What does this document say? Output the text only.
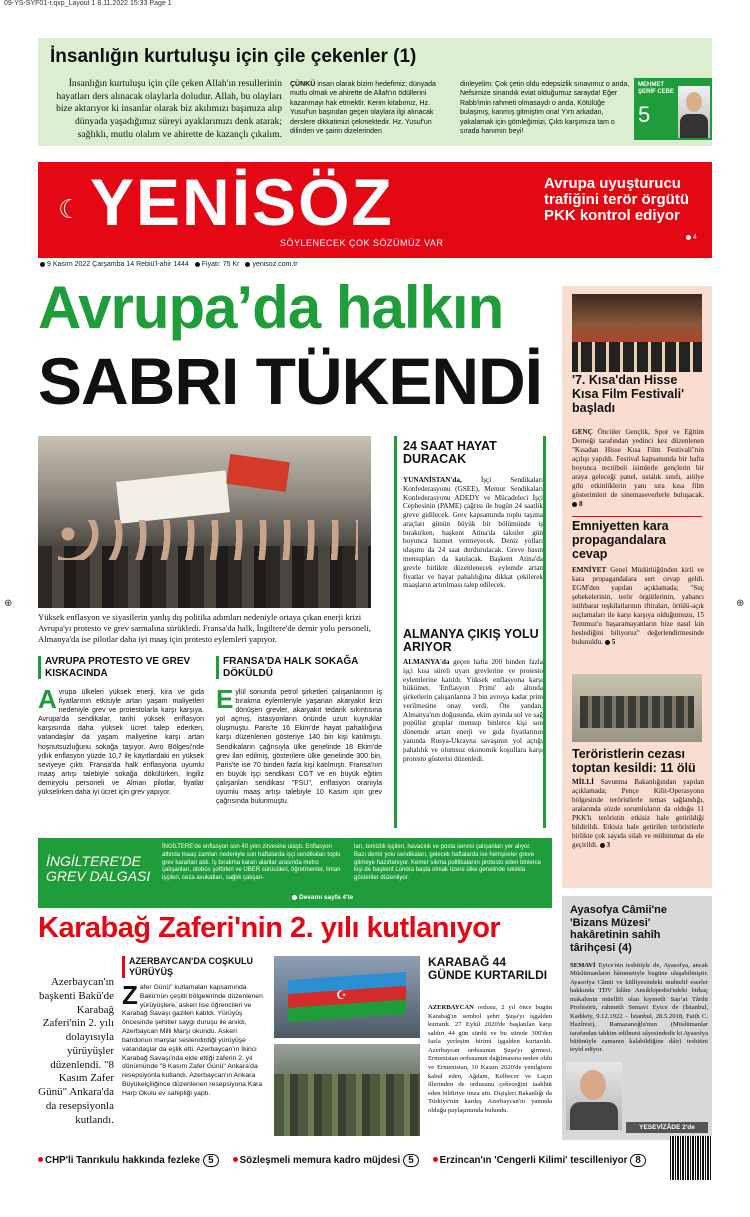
09-YS-SYF01-r.qxp_Layout 1 8.11.2022 15:33 Page 1
İnsanlığın kurtuluşu için çile çekenler (1)
İnsanlığın kurtuluşu için çile çeken Allah'ın resullerinin hayatları ders alınacak olaylarla doludur. Allah, bu olayları bize aktarıyor ki insanlar olarak biz akılımızı başımıza alıp dünyada yaşadığımız süreyi ayaklarımızı denk atarak; sağlıklı, mutlu olalım ve ahirette de kazançlı çıkalım.
ÇÜNKÜ insan olarak bizim hedefimiz; dünyada mutlu olmak ve ahirette de Allah'ın ödüllerini kazanmayı hak etmektir. Kerim kitabımız, Hz. Yusuf'un başından geçen olaylara ilgi alınacak derslere dikkatimizi çekmektedir. Hz. Yusuf'un dilinden ve şairin dizelerinden
dinleyelim: Çok çetin oldu edepsizlik sınavımız o anda, Nefsimize sinandık eviat olduğumuz saraydaǃ Eğer Rabb'imin rahmeti olmasaydı o anda, Kötülüğe bulaşmış, kanmış gitmiştim onaǃ Yırtı arkadan, yakalamak için gömleğimizi, Çıktı karşımıza tam o sırada hanımın beyiǃ
MEHMET ŞERİF CEBE
5
☾ YENİSÖZ
SÖYLENECEK ÇOK SÖZÜMÜZ VAR
Avrupa uyuşturucu trafiğini terör örgütü PKK kontrol ediyor
4
9 Kasım 2022 Çarşamba 14 Rebiü'l-ahir 1444 Fiyatı: 75 Kr yenisoz.com.tr
Avrupa’da halkın
SABRI TÜKENDİ
Yüksek enflasyon ve siyasilerin yanlış dış politika adımları nedeniyle ortaya çıkan enerji krizi Avrupa'yı protesto ve grev sarmalına sürükledi. Fransa'da halk, İngiltere'de demir yolu personeli, Almanya'da ise pilotlar daha iyi maaş için protesto eylemleri yapıyor.
24 SAAT HAYAT DURACAK
YUNANİSTAN'da,	İşçi Sendikaları Konfederasyonu (GSEE), Memur Sendikaları Konfederasyonu ADEDY ve Mücadeleci İşçi Cephesinin (PAME) çağrısı ile bugün 24 saatlik greve gidilecek. Grev kapsamında toplu taşıma araçları günün büyük bir bölümünde iş bırakırken, başkent Atina'da taksiler gün boyunca hizmet vermeyecek. Deniz yolları ulaşımı da 24 saat durdurulacak. Greve basın mensupları da katılacak. Başkent Atina'da grevle birlikte düzenlenecek eylemde artan fiyatlar ve hayat pahalılığına dikkat çekilerek maaşların artırılması talep edilecek.
ALMANYA ÇIKIŞ YOLU ARIYOR
ALMANYA'da geçen hafta 200 binden fazla işçi kısa süreli uyarı grevlerine ve protesto eylemlerine katıldı. Yüksek enflasyona karşı hükümet, 'Enflasyon Primi' adı altında şirketlerin çalışanlarına 3 bin avroya kadar prim verilmesine onay verdi. Öte yandan, Almanya'nın doğusunda, ekim ayında sol ve sağ popülist gruplar mensup binlerce kişi son dönemde artan enerji ve gıda fiyatlarının yanında Rusya-Ukrayna savaşının yol açtığı pahalılık ve olumsuz ekonomik koşullara karşı protesto gösterisi düzenledi.
AVRUPA PROTESTO VE GREV KISKACINDA
A vrupa ülkeleri yüksek enerji, kira ve gıda fiyatlarının etkisiyle artan yaşam maliyetleri nedeniyle grev ve protestolarla karşı karşıya. Avrupa'da sendikalar, tarihi yüksek enflasyon karşısında daha yüksek ücret talep ederken, vatandaşlar da yaşam maliyetine karşı artan hoşnutsuzluğunu sokağa taşıyor. Avro Bölgesi'nde yıllık enflasyon yüzde 10,7 ile kayıtlardaki en yüksek seviyeye çıktı. Fransa'da halk enflasyona uyumlu maaş artışı talebiyle sokağa dökülürken, İngiliz demiryolu personeli ve Alman pilotlar, fiyatlar yükselirken daha iyi ücret için grev yapıyor.
FRANSA'DA HALK SOKAĞA DÖKÜLDÜ
E ylül sonunda petrol şirketleri çalışanlarının iş bırakma eylemleriyle yaşanan akaryakıt krizi dönüşen grevler, akaryakıt tedarik sıkıntısına yol açmış, istasyonların önünde uzun kuyruklar oluşmuştu. Paris'te 16 Ekim'de hayat pahalılığına karşı düzenlenen gösteriye 140 bin kişi katılmıştı. Sendikaların çağrısıyla ülke genelinde 18 Ekim'de grev ilan edilmiş, gösterilere ülke genelinde 300 bin, Paris'te ise 70 binden fazla kişi katılmıştı. Fransa'nın en büyük işçi sendikası CGT ve en büyük eğitim çalışanları sendikası "FSU", enflasyon oranıyla uyumlu maaş artışı talebiyle 10 Kasım için grev çağrısında bulunmuştu.
İNGİLTERE'DE GREV DALGASI
İNGİLTERE'de enflasyon son 40 yılın zirvesine ulaştı. Enflasyon altında maaş zamları nedeniyle son haftalarda işçi sendikaları toplu grev kararları aldı. İş bırakma kararı alanlar arasında metro çalışanları, otobüs şoförleri ve UBER sürücüleri, öğretmenler, liman işçileri, ceza avukatları, sağlık çalışan-
ları, temizlik işçileri, havacılık ve posta servisi çalışanları yer alıyor. Bazı demir yolu sendikaları, gelecek haftalarda ise hemşireler greve gitmeye hazırlanıyor. Kemer sıkma politikalarını protesto eden binlerce kişi de başkent Londra başta olmak üzere ülke genelinde sıklıkla gösteriler düzenliyor.
Devamı sayfa 4'te
Karabağ Zaferi'nin 2. yılı kutlanıyor
Azerbaycan'ın başkenti Bakü'de Karabağ Zaferi'nin 2. yılı dolayısıyla yürüyüşler düzenlendi. "8 Kasım Zafer Günü" Ankara'da da resepsiyonla kutlandı.
AZERBAYCAN'DA COŞKULU YÜRÜYÜŞ
Z afer Günü" kutlamaları kapsamında Bakü'nün çeşitli bölgelerinde düzenlenen yürüyüşlere, askeri lise öğrencileri ve Karabağ Savaşı gazileri katıldı. Yürüyüş öncesinde şehitler saygı duruşu ile anıldı, Azerbaycan Milli Marşı okundu. Askeri bandonun marşlar seslendirdiği yürüyüşe vatandaşlar da eşlik etti. Azerbaycan'ın İkinci Karabağ Savaşı'nda elde ettiği zaferin 2. yıl dönümünde "8 Kasım Zafer Günü" Ankara'da resepsiyonla kutlandı. Azerbaycan'ın Ankara Büyükelçiliğince düzenlenen resepsiyona Kara Harp Okulu ev sahipliği yaptı.
☪
KARABAĞ 44 GÜNDE KURTARILDI
AZERBAYCAN ordusu, 2 yıl önce bugün Karabağ'ın sembol şehri Şuşa'yı işgalden kurtardı. 27 Eylül 2020'de başlatılan karşı saldırı 44 gün sürdü ve bu sürede 300'den fazla yerleşim birimi işgalden kurtarıldı. Azerbaycan ordusunun Şuşa'yı girmesi, Ermenistan ordusunun dağılmasına neden oldu ve Ermenistan, 10 Kasım 2020'de yenilgisini kabul eden, Ağdam, Kelbecer ve Laçın illerinden de ordusunu çekeceğini taahhüt eden bildiriye imza attı. Dışişleri Bakanlığı da Türkiye'nin kardeş Azerbaycan'ın yanında olduğu paylaşımında bulundu.
'7. Kısa'dan Hisse Kısa Film Festivali' başladı
GENÇ Öncüler Gençlik, Spor ve Eğitim Derneği tarafından yedinci kez düzenlenen "Kısadan Hisse Kısa Film Festivali"nin açılışı yapıldı. Festival kapsamında bir hafta boyunca tecrübeli isimlerle gençlerin bir araya geleceği panel, ustalık sınıfı, atölye gibi etkinliklerin yanı sıra kısa film gösterimleri de sinemaseverlerle buluşacak. 8
Emniyetten kara propagandalara cevap
EMNİYET Genel Müdürlüğünden kirli ve kara propagandalara sert cevap geldi. EGM'den yapılan açıklamada; "Suç şebekelerinin, terör örgütlerinin, yabancı istihbarat teşkilatlarının iftiraları, örtülü-açık suçlamaları ile karşı karşıya olduğumuzu, 15 Temmuz'u başaramayanların bize nasıl kin beslediğini biliyoruz" değerlendirmesinde bulunuldu. 5
Teröristlerin cezası toptan kesildi: 11 ölü
MİLLİ Savunma Bakanlığından yapılan açıklamada; Pençe Kilit-Operasyonu bölgesinde teröristlerle temas sağlandığı, aralarında sözde sorumluların da olduğu 11 PKK'lı teröristin etkisiz hale getirildiği bildirildi. Etkisiz hale getirilen teröristlerle birlikte çok sayıda silah ve mühimmat da ele geçirildi. 3
Ayasofya Câmii'ne 'Bizans Müzesi' hakâretinin sahîh târihçesi (4)
SEMAVİ Eyice'nin tesbitiyle de, Ayasofya, ancak Müslümanların hâmmetiyle bugüne ulaşabilmiştir. Ayasofya Câmii ve külliyesindeki muhtelif eserler hakkında TDV İslâm Ansiklopedisi'ndeki birkaç makalenin müellifi olan kıymetli Sanʼat Târihi Profesörü, rahmetli Semavi Eyice de (İstanbul, Kadıköy, 9.12.1922 – İstanbul, 28.5.2018, Fatih C. Hazîresi), Ramazanoğlu'nun (Müslümanlar tarafından tahkim edilmesi sâyesindedir ki Ayasofya bütünüyle zamanın kalabildiğine dâir) tesbitini teyid ediyor.
YESEVİZÂDE 2'de
CHP'li Tanrıkulu hakkında fezleke 5	Sözleşmeli memura kadro müjdesi 5	Erzincan'ın 'Cengerli Kilimi' tescilleniyor 8
⊕	⊕
